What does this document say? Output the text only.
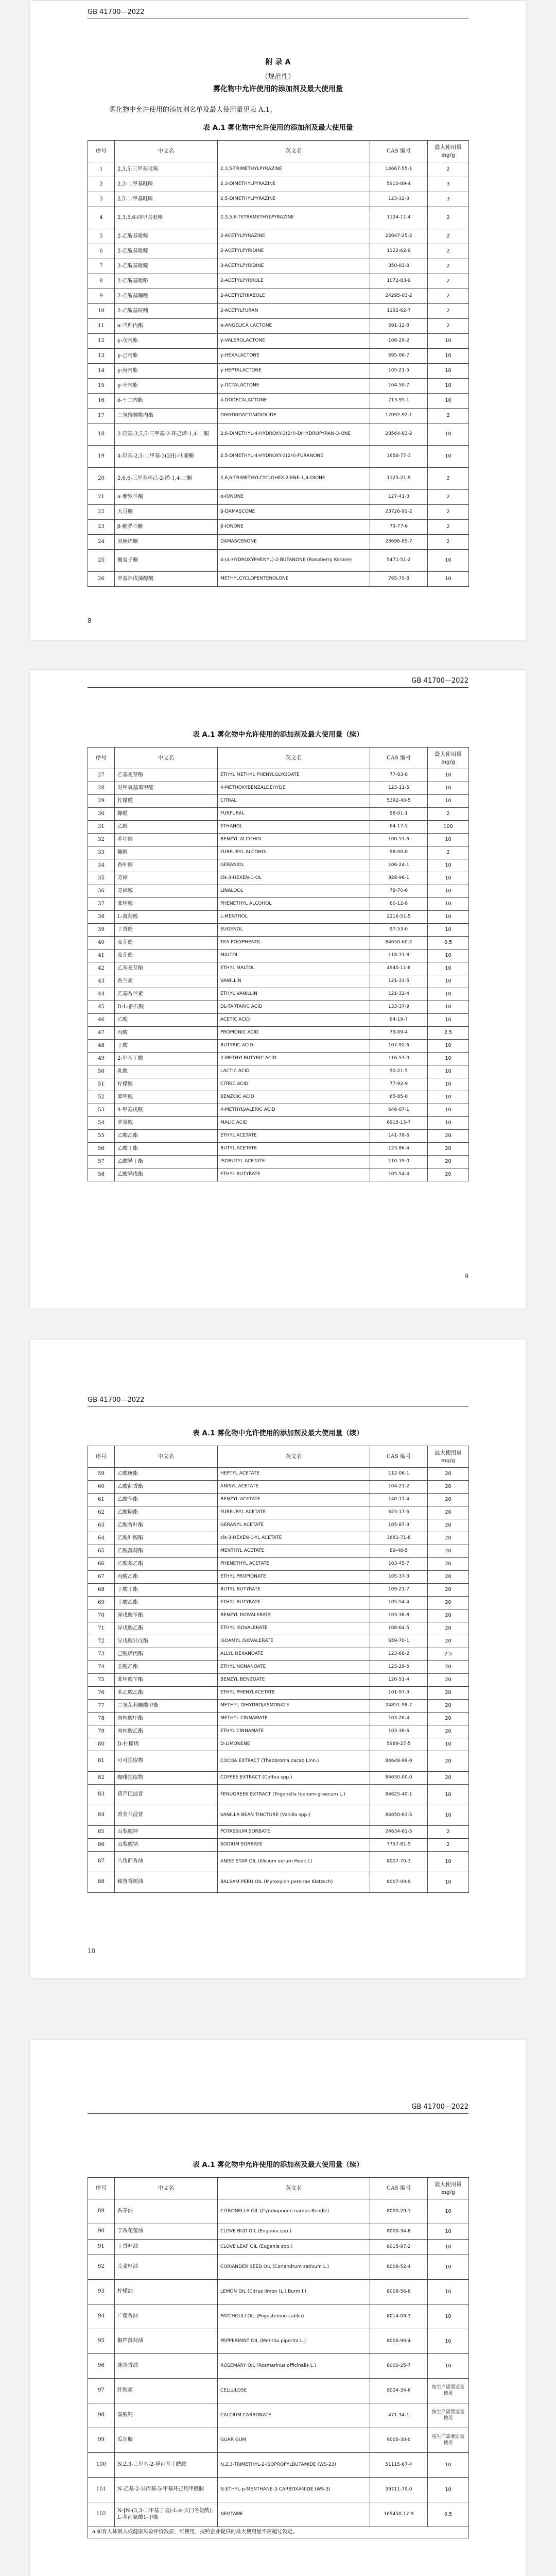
GB 41700—2022
附 录 A
（规范性）
雾化物中允许使用的添加剂及最大使用量
雾化物中允许使用的添加剂名单及最大使用量见表 A.1。
表 A.1 雾化物中允许使用的添加剂及最大使用量
序号	中文名	英文名	CAS 编号	最大使用量
mg/g
1	2,3,5-三甲基吡嗪	2,3,5-TRIMETHYLPYRAZINE	14667-55-1	2
2	2,3-二甲基吡嗪	2,3-DIMETHYLPYRAZINE	5910-89-4	3
3	2,5-二甲基吡嗪	2,5-DIMETHYLPYRAZINE	123-32-0	3
4	2,3,5,6-四甲基吡嗪	2,3,5,6-TETRAMETHYLPYRAZINE	1124-11-4	2
5	2-乙酰基吡嗪	2-ACETYLPYRAZINE	22047-25-2	2
6	2-乙酰基吡啶	2-ACETYLPYRIDINE	1122-62-9	2
7	3-乙酰基吡啶	3-ACETYLPYRIDINE	350-03-8	2
8	2-乙酰基吡咯	2-ACETYLPYRROLE	1072-83-9	2
9	2-乙酰基噻唑	2-ACETYLTHIAZOLE	24295-03-2	2
10	2-乙酰基呋喃	2-ACETYLFURAN	1192-62-7	2
11	α-当归内酯	α-ANGELICA LACTONE	591-12-8	2
12	γ-戊内酯	γ-VALEROLACTONE	108-29-2	10
13	γ-己内酯	γ-HEXALACTONE	695-06-7	10
14	γ-庚内酯	γ-HEPTALACTONE	105-21-5	10
15	γ-辛内酯	γ-OCTALACTONE	104-50-7	10
16	δ-十二内酯	δ-DODECALACTONE	713-95-1	10
17	二氢猕猴桃内酯	DIHYDROACTINIDIOLIDE	17092-92-1	2
18	2-羟基-3,5,5-三甲基-2-环己烯-1,4-二酮	2,6-DIMETHYL-4-HYDROXY-3(2H)-DIHYDROPYRAN-3-ONE	28564-83-2	10
19	4-羟基-2,5-二甲基-3(2H)-呋喃酮	2,5-DIMETHYL-4-HYDROXY-3(2H)-FURANONE	3658-77-3	10
20	2,6,6-三甲基环己-2-烯-1,4-二酮	2,6,6-TRIMETHYLCYCLOHEX-2-ENE-1,4-DIONE	1125-21-9	2
21	α-紫罗兰酮	α-IONONE	127-41-3	2
22	大马酮	β-DAMASCONE	23726-91-2	2
23	β-紫罗兰酮	β-IONONE	79-77-6	2
24	突厥烯酮	DAMASCENONE	23696-85-7	2
25	覆盆子酮	4-(4-HYDROXYPHENYL)-2-BUTANONE (Raspberry Ketone)	5471-51-2	10
26	甲基环戊烯醇酮	METHYLCYCLOPENTENOLONE	765-70-8	10
8
GB 41700—2022
表 A.1 雾化物中允许使用的添加剂及最大使用量（续）
序号	中文名	英文名	CAS 编号	最大使用量
mg/g
27	乙基麦芽酚	ETHYL METHYL PHENYLGLYCIDATE	77-83-8	10
28	对甲氧基苯甲醛	4-METHOXYBENZALDEHYDE	123-11-5	10
29	柠檬醛	CITRAL	5392-40-5	10
30	糠醛	FURFURAL	98-01-1	2
31	乙醇	ETHANOL	64-17-5	100
32	苯甲醇	BENZYL ALCOHOL	100-51-6	10
33	糠醇	FURFURYL ALCOHOL	98-00-0	2
34	香叶醇	GERANIOL	106-24-1	10
35	芳樟	cis-3-HEXEN-1-OL	928-96-1	10
36	芳樟醇	LINALOOL	78-70-6	10
37	苯甲醇	PHENETHYL ALCOHOL	60-12-8	10
38	L-薄荷醇	L-MENTHOL	2216-51-5	10
39	丁香酚	EUGENOL	97-53-0	10
40	麦芽酚	TEA POLYPHENOL	84650-60-2	0.5
41	麦芽酚	MALTOL	118-71-8	10
42	乙基麦芽酚	ETHYL MALTOL	4940-11-8	10
43	香兰素	VANILLIN	121-33-5	10
44	乙基香兰素	ETHYL VANILLIN	121-32-4	10
45	D-L-酒石酸	DL-TARTARIC ACID	133-37-9	10
46	乙酸	ACETIC ACID	64-19-7	10
47	丙酸	PROPIONIC ACID	79-09-4	2.5
48	丁酸	BUTYRIC ACID	107-92-6	10
49	2-甲基丁酸	2-METHYLBUTYRIC ACID	116-53-0	10
50	乳酸	LACTIC ACID	50-21-5	10
51	柠檬酸	CITRIC ACID	77-92-9	10
52	苯甲酸	BENZOIC ACID	65-85-0	10
53	4-甲基戊酸	4-METHYLVALERIC ACID	646-07-1	10
54	苹果酸	MALIC ACID	6915-15-7	10
55	乙酸乙酯	ETHYL ACETATE	141-78-6	20
56	乙酸丁酯	BUTYL ACETATE	123-86-4	20
57	乙酸异丁酯	ISOBUTYL ACETATE	110-19-0	20
58	乙酸异戊酯	ETHYL BUTYRATE	105-54-4	20
9
GB 41700—2022
表 A.1 雾化物中允许使用的添加剂及最大使用量（续）
序号	中文名	英文名	CAS 编号	最大使用量
mg/g
59	乙酸庚酯	HEPTYL ACETATE	112-06-1	20
60	乙酸茴香酯	ANISYL ACETATE	104-21-2	20
61	乙酸苄酯	BENZYL ACETATE	140-11-4	20
62	乙酸糠酯	FURFURYL ACETATE	623-17-6	20
63	乙酸香叶酯	GERANYL ACETATE	105-87-3	20
64	乙酸叶醇酯	cis-3-HEXEN-1-YL ACETATE	3681-71-8	20
65	乙酸薄荷酯	MENTHYL ACETATE	89-48-5	20
66	乙酸苯乙酯	PHENETHYL ACETATE	103-45-7	20
67	丙酸乙酯	ETHYL PROPIONATE	105-37-3	20
68	丁酸丁酯	BUTYL BUTYRATE	109-21-7	20
69	丁酸乙酯	ETHYL BUTYRATE	105-54-4	20
70	异戊酸苄酯	BENZYL ISOVALERATE	103-38-8	20
71	异戊酸乙酯	ETHYL ISOVALERATE	108-64-5	20
72	异戊酸异戊酯	ISOAMYL ISOVALERATE	659-70-1	20
73	己酸烯丙酯	ALLYL HEXANOATE	123-68-2	2.5
74	壬酸乙酯	ETHYL NONANOATE	123-29-5	20
75	苯甲酸苄酯	BENZYL BENZOATE	120-51-4	20
76	苯乙酸乙酯	ETHYL PHENYLACETATE	101-97-3	20
77	二氢茉莉酮酸甲酯	METHYL DIHYDROJASMONATE	24851-98-7	20
78	肉桂酸甲酯	METHYL CINNAMATE	103-26-4	20
79	肉桂酸乙酯	ETHYL CINNAMATE	103-36-6	20
80	D-柠檬烯	D-LIMONENE	5989-27-5	10
81	可可提取物	COCOA EXTRACT (Theobroma cacao Linn.)	84649-99-0	20
82	咖啡提取物	COFFEE EXTRACT (Coffea spp.)	84650-00-0	20
83	葫芦巴浸膏	FENUGREEK EXTRACT (Trigonella foenum-graecum L.)	84625-40-1	10
84	香荚兰浸膏	VANILLA BEAN TINCTURE (Vanilla spp.)	84650-63-5	10
85	山梨酸钾	POTASSIUM SORBATE	24634-61-5	2
86	山梨酸钠	SODIUM SORBATE	7757-81-5	2
87	八角茴香油	ANISE STAR OIL (Illicium verum Hook.f.)	8007-70-3	10
88	秘鲁香树油	BALSAM PERU OIL (Myroxylon pereirae Klotzsch)	8007-00-9	10
10
GB 41700—2022
表 A.1 雾化物中允许使用的添加剂及最大使用量（续）
序号	中文名	英文名	CAS 编号	最大使用量
mg/g
89	香茅油	CITRONELLA OIL (Cymbopogon nardus Rendle)	8000-29-1	10
90	丁香花蕾油	CLOVE BUD OIL (Eugenia spp.)	8000-34-8	10
91	丁香叶油	CLOVE LEAF OIL (Eugenia spp.)	8015-97-2	10
92	芫荽籽油	CORIANDER SEED OIL (Coriandrum sativum L.)	8008-52-4	10
93	柠檬油	LEMON OIL (Citrus limon (L.) Burm.f.)	8008-56-8	10
94	广藿香油	PATCHOULI OIL (Pogostemon cablin)	8014-09-3	10
95	椒样薄荷油	PEPPERMINT OIL (Mentha piperita L.)	8006-90-4	10
96	迷迭香油	ROSEMARY OIL (Rosmarinus officinalis L.)	8000-25-7	10
97	纤维素	CELLULOSE	9004-34-6	按生产需要适量使用
98	碳酸钙	CALCIUM CARBONATE	471-34-1	按生产需要适量使用
99	瓜尔胶	GUAR GUM	9000-30-0	按生产需要适量使用
100	N,2,3-三甲基-2-异丙基丁酰胺	N,2,3-TRIMETHYL-2-ISOPROPYLBUTAMIDE (WS-23)	51115-67-4	10
101	N-乙基-2-异丙基-5-甲基环己烷甲酰胺	N-ETHYL-p-MENTHANE-3-CARBOXAMIDE (WS-3)	39711-79-0	10
102	N-[N-(3,3-二甲基丁基)-L-α-天门冬氨酰]-L-苯丙氨酸1-甲酯	NEOTAME	165450-17-9	0.5
a 如有人体吸入或健康风险评价数据，可使用，按照企业提供的最大使用量不应超过设定。				
